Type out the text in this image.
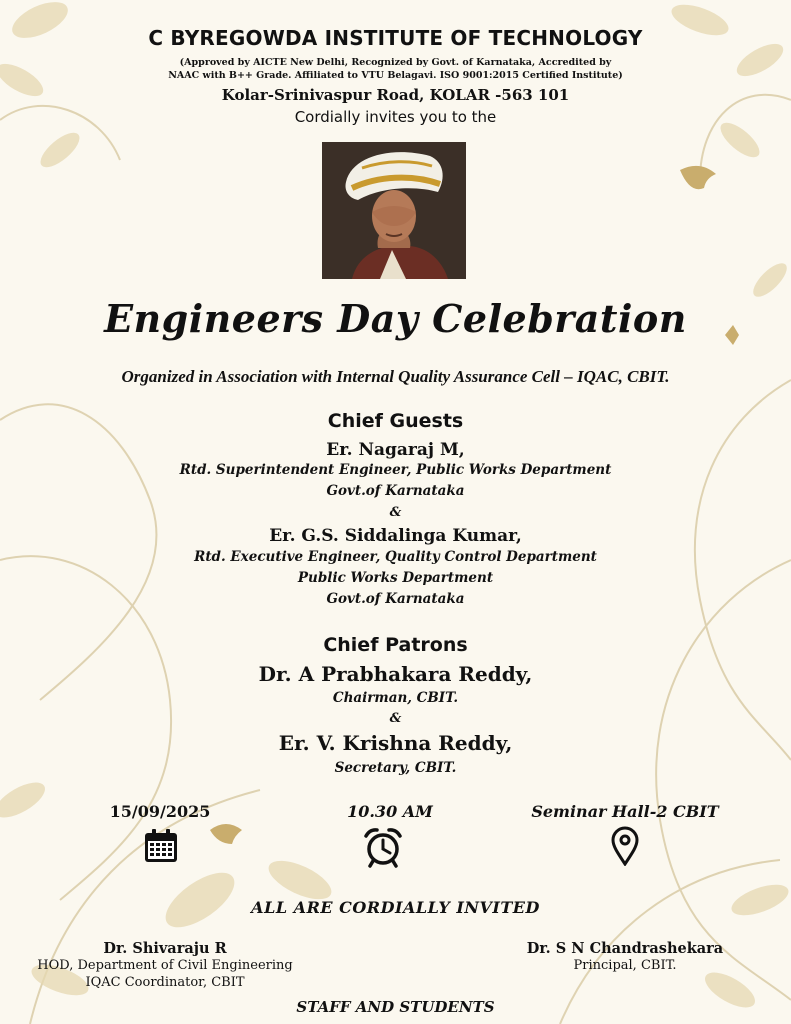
C BYREGOWDA INSTITUTE OF TECHNOLOGY

(Approved by AICTE New Delhi, Recognized by Govt. of Karnataka, Accredited by
NAAC with B++ Grade. Affiliated to VTU Belagavi. ISO 9001:2015 Certified Institute)

Kolar-Srinivaspur Road, KOLAR -563 101

Cordially invites you to the

Engineers Day Celebration

Organized in Association with Internal Quality Assurance Cell – IQAC, CBIT.

Chief Guests

Er. Nagaraj M,

Rtd. Superintendent Engineer, Public Works Department

Govt.of Karnataka

&

Er. G.S. Siddalinga Kumar,

Rtd. Executive Engineer, Quality Control Department

Public Works Department

Govt.of Karnataka

Chief Patrons

Dr. A Prabhakara Reddy,

Chairman, CBIT.

&

Er. V. Krishna Reddy,

Secretary, CBIT.

15/09/2025	10.30 AM	Seminar Hall-2 CBIT

ALL ARE CORDIALLY INVITED

Dr. Shivaraju R
HOD, Department of Civil Engineering
IQAC Coordinator, CBIT
Dr. S N Chandrashekara
Principal, CBIT.

STAFF AND STUDENTS
